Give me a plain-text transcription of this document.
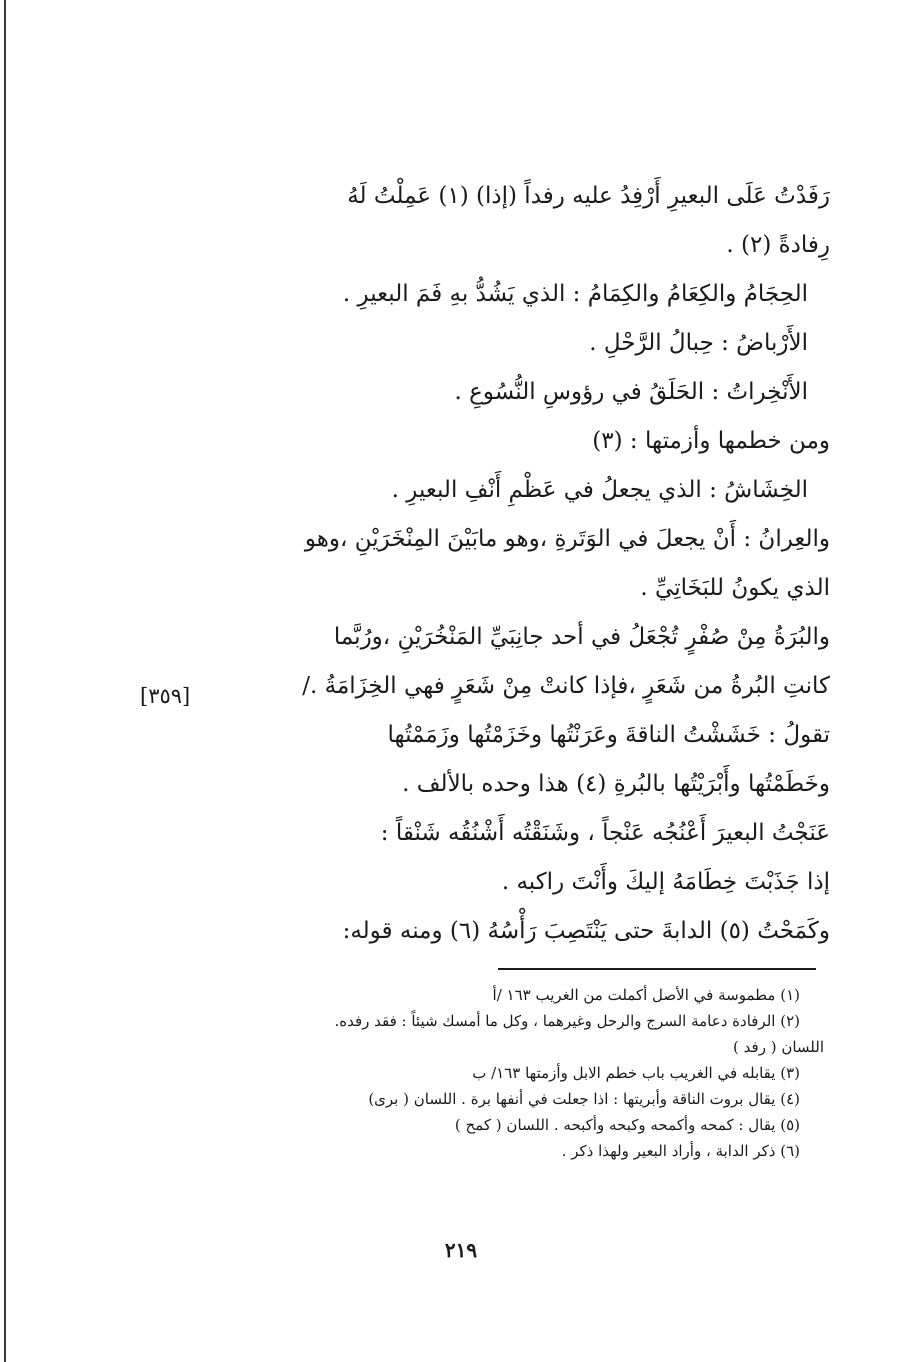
رَفَدْتُ عَلَى البعيرِ أَرْفِدُ عليه رفداً (إذا) (١) عَمِلْتُ لَهُ
رِفادةً (٢) .
الحِجَامُ والكِعَامُ والكِمَامُ : الذي يَشُدُّ بهِ فَمَ البعيرِ .
الأَرْباضُ : حِبالُ الرَّحْلِ .
الأَنْخِراتُ : الحَلَقُ في رؤوسِ النُّسُوعِ .
ومن خطمها وأزمتها : (٣)
الخِشَاشُ : الذي يجعلُ في عَظْمِ أَنْفِ البعيرِ .
والعِرانُ : أَنْ يجعلَ في الوَتَرةِ ،وهو مابَيْنَ المِنْخَرَيْنِ ،وهو
الذي يكونُ للبَخَاتِيِّ .
والبُرَةُ مِنْ صُفْرٍ تُجْعَلُ في أحد جانِبَيِّ المَنْخُرَيْنِ ،ورُبَّما
كانتِ البُرةُ من شَعَرٍ ،فإذا كانتْ مِنْ شَعَرٍ فهي الخِزَامَةُ ./
تقولُ : خَشَشْتُ الناقةَ وعَرَنْتُها وخَزَمْتُها وزَمَمْتُها
وخَطَمْتُها وأَبْرَيْتُها بالبُرةِ (٤) هذا وحده بالألف .
عَنَجْتُ البعيرَ أَعْنُجُه عَنْجاً ، وشَنَقْتُه أَشْنُقُه شَنْقاً :
إذا جَذَبْتَ خِطَامَهُ إليكَ وأَنْتَ راكبه .
وكَمَحْتُ (٥) الدابةَ حتى يَنْتَصِبَ رَأْسُهُ (٦) ومنه قوله:
[٣٥٩]
(١) مطموسة في الأصل أكملت من الغريب ١٦٣ /أ
(٢) الرفادة دعامة السرج والرحل وغيرهما ، وكل ما أمسك شيئاً : فقد رفده.
اللسان ( رفد )
(٣) يقابله في الغريب باب خطم الابل وأزمتها ١٦٣/ ب
(٤) يقال بروت الناقة وأبريتها : اذا جعلت في أنفها برة . اللسان ( برى)
(٥) يقال : كمحه وأكمحه وكبحه وأكبحه . اللسان ( كمح )
(٦) ذكر الدابة ، وأراد البعير ولهذا ذكر .
٢١٩
